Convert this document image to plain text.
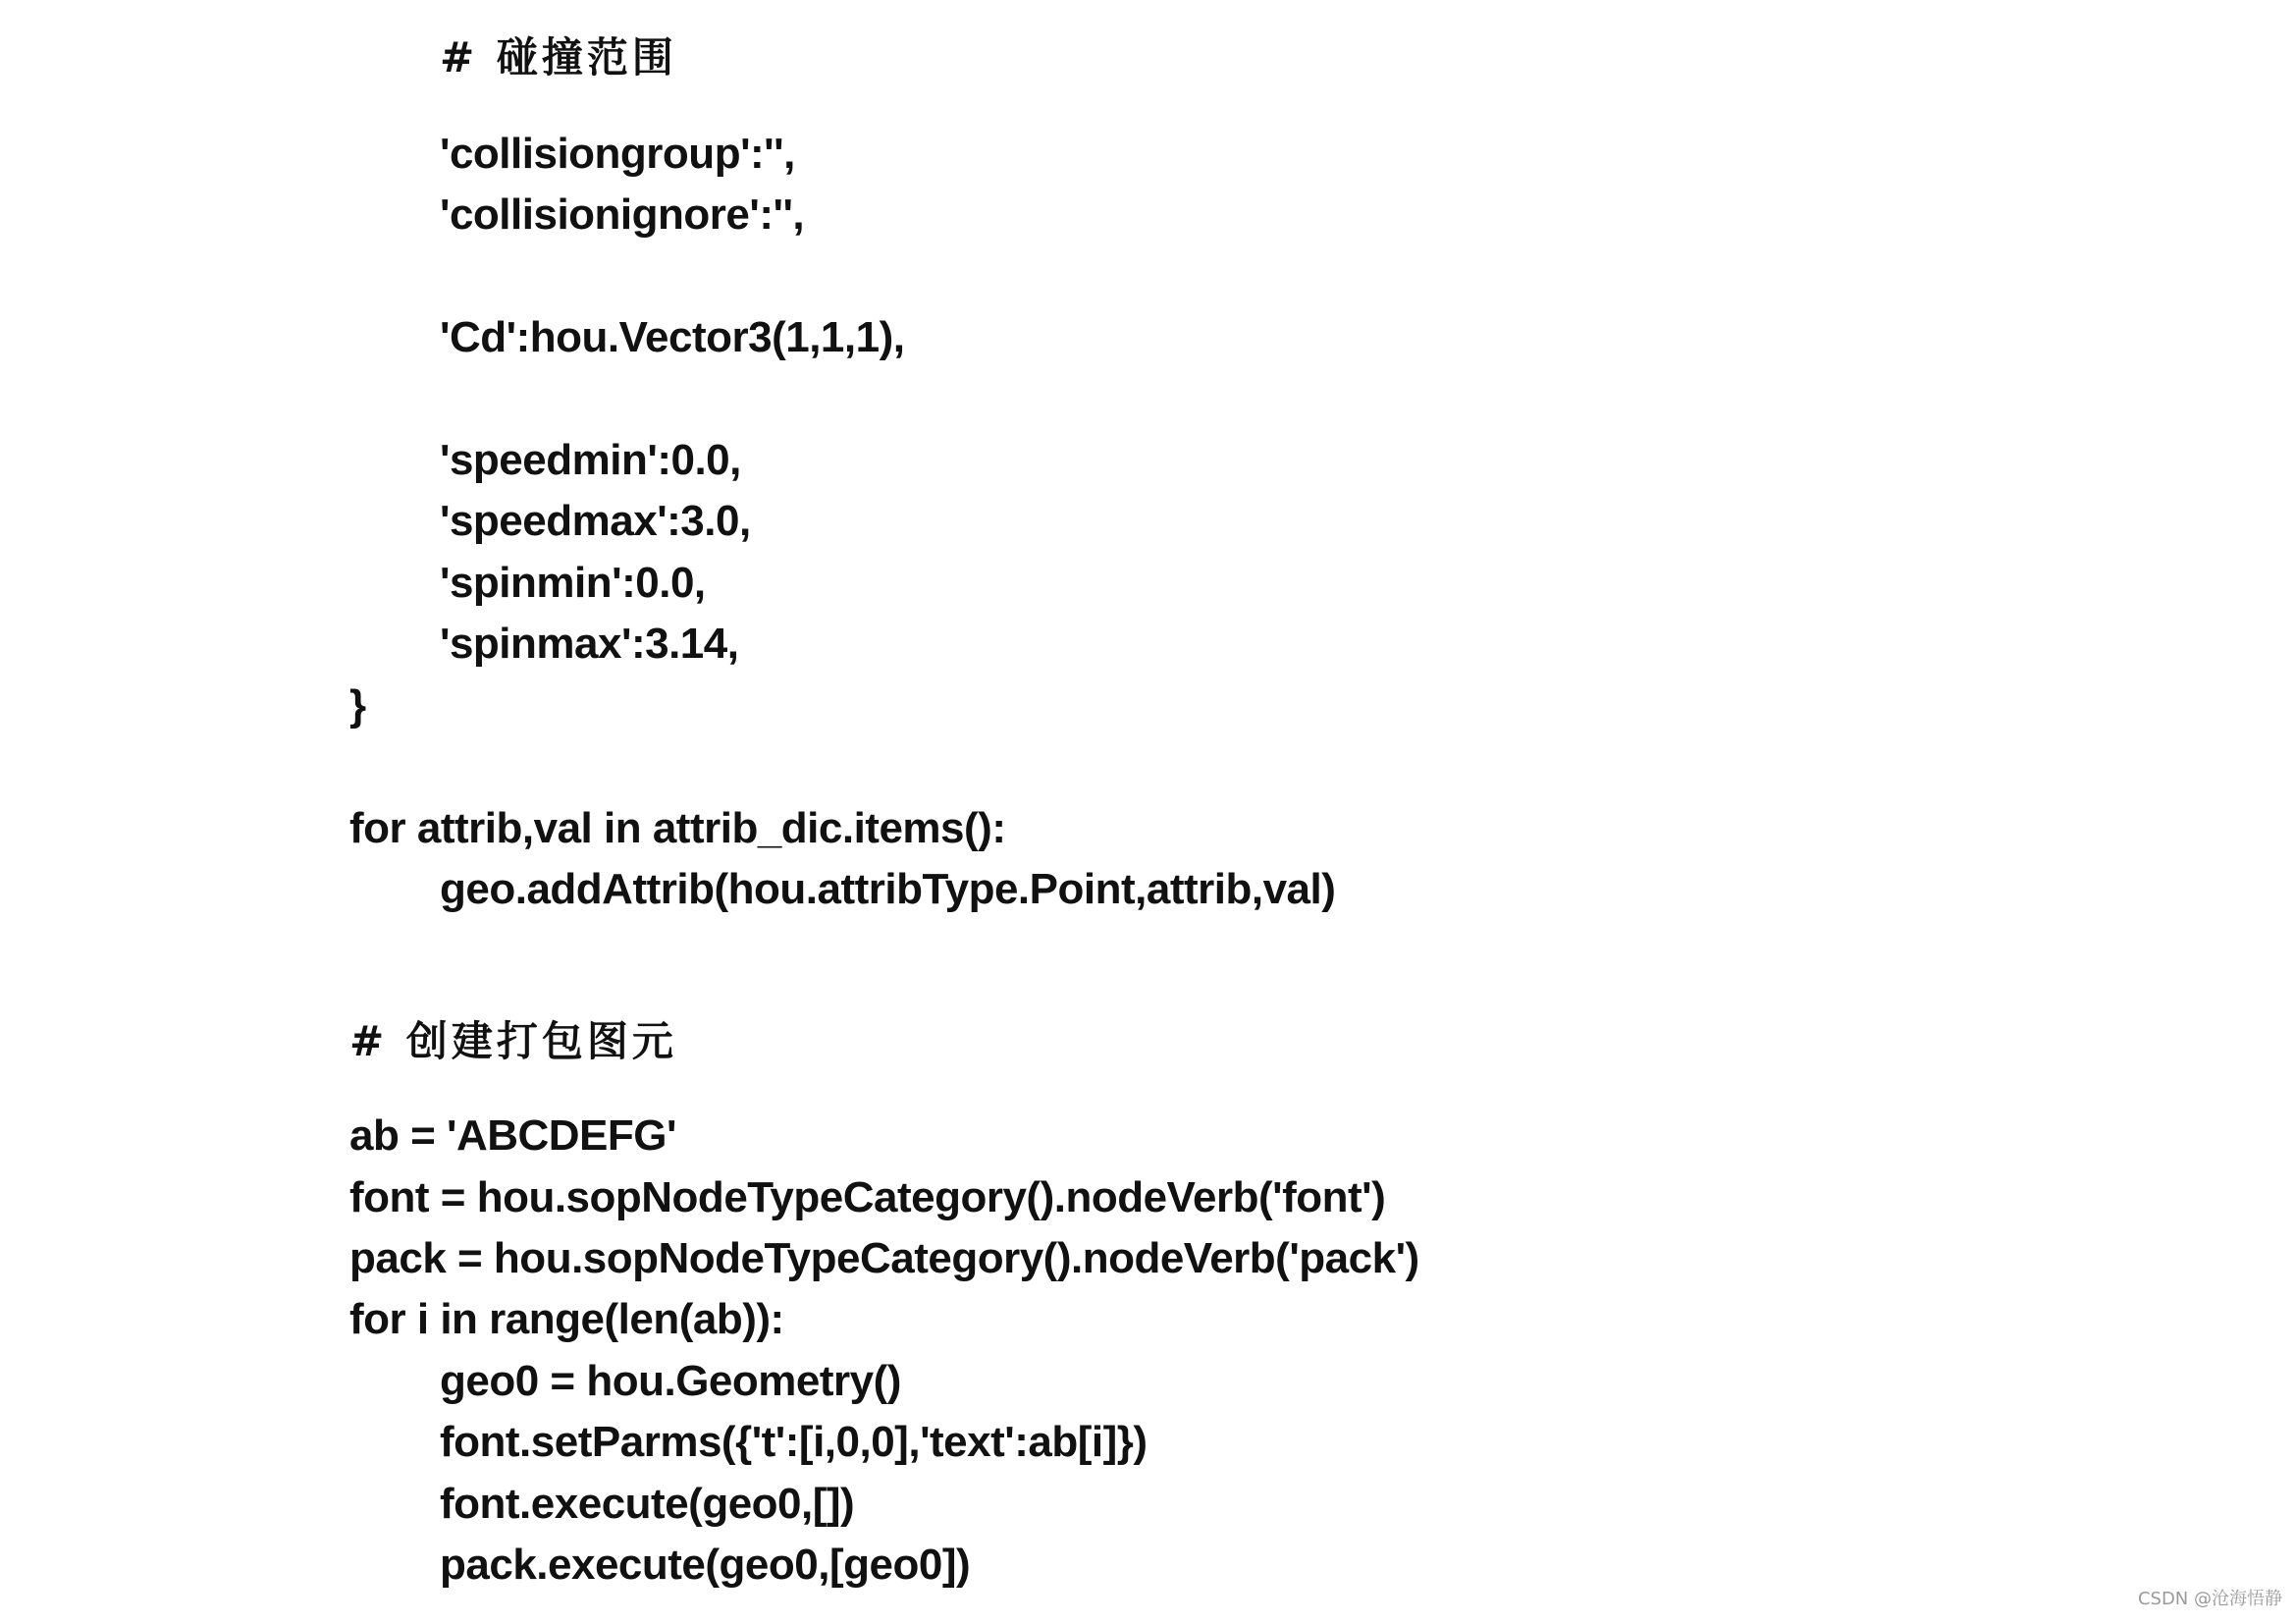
# 碰撞范围
'collisiongroup':'',
'collisionignore':'',
'Cd':hou.Vector3(1,1,1),
'speedmin':0.0,
'speedmax':3.0,
'spinmin':0.0,
'spinmax':3.14,
}
for attrib,val in attrib_dic.items():
geo.addAttrib(hou.attribType.Point,attrib,val)
# 创建打包图元
ab = 'ABCDEFG'
font = hou.sopNodeTypeCategory().nodeVerb('font')
pack = hou.sopNodeTypeCategory().nodeVerb('pack')
for i in range(len(ab)):
geo0 = hou.Geometry()
font.setParms({'t':[i,0,0],'text':ab[i]})
font.execute(geo0,[])
pack.execute(geo0,[geo0])
CSDN @沧海悟静
